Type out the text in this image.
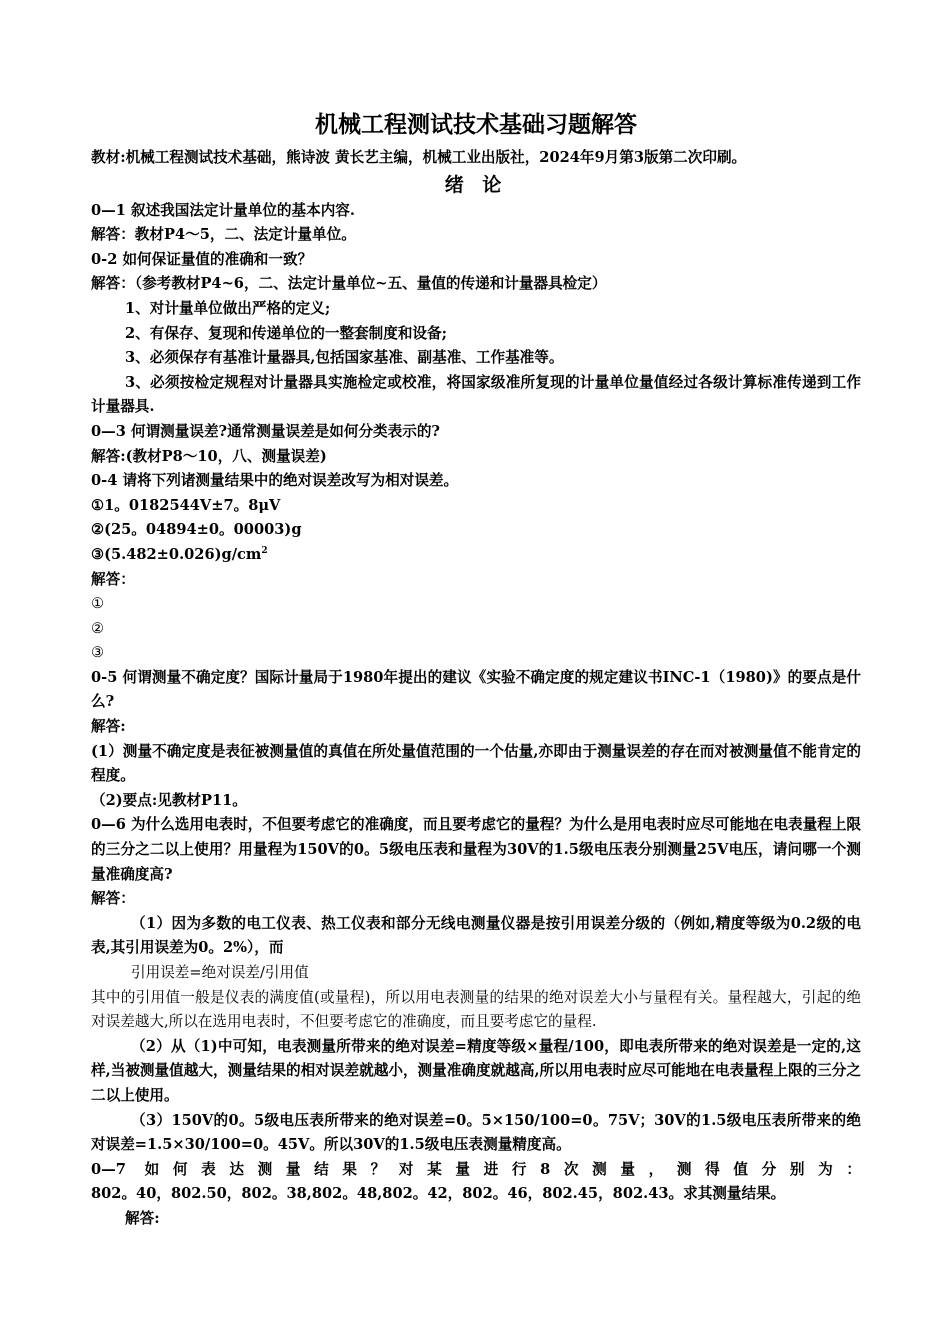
机械工程测试技术基础习题解答

教材:机械工程测试技术基础，熊诗波 黄长艺主编，机械工业出版社，2024年9月第3版第二次印刷。

绪 论

0—1 叙述我国法定计量单位的基本内容.

解答：教材P4～5，二、法定计量单位。

0-2 如何保证量值的准确和一致？

解答：（参考教材P4~6，二、法定计量单位~五、量值的传递和计量器具检定）

1、对计量单位做出严格的定义;

2、有保存、复现和传递单位的一整套制度和设备;

3、必须保存有基准计量器具,包括国家基准、副基准、工作基准等。

3、必须按检定规程对计量器具实施检定或校准，将国家级准所复现的计量单位量值经过各级计算标准传递到工作计量器具.

0—3 何谓测量误差?通常测量误差是如何分类表示的?

解答:(教材P8～10，八、测量误差)

0-4 请将下列诸测量结果中的绝对误差改写为相对误差。

①1。0182544V±7。8μV

②(25。04894±0。00003)g

$③(5.482\pm 0.026)g/cm^2$

解答：

①

②

③

0-5 何谓测量不确定度？国际计量局于1980年提出的建议《实验不确定度的规定建议书INC-1（1980)》的要点是什么?

解答:

(1）测量不确定度是表征被测量值的真值在所处量值范围的一个估量,亦即由于测量误差的存在而对被测量值不能肯定的程度。

（2)要点:见教材P11。

0—6 为什么选用电表时，不但要考虑它的准确度，而且要考虑它的量程？为什么是用电表时应尽可能地在电表量程上限的三分之二以上使用？用量程为150V的0。5级电压表和量程为30V的1.5级电压表分别测量25V电压，请问哪一个测量准确度高?

解答：

（1）因为多数的电工仪表、热工仪表和部分无线电测量仪器是按引用误差分级的（例如,精度等级为0.2级的电表,其引用误差为0。2%），而

引用误差=绝对误差/引用值

其中的引用值一般是仪表的满度值(或量程)，所以用电表测量的结果的绝对误差大小与量程有关。量程越大，引起的绝对误差越大,所以在选用电表时，不但要考虑它的准确度，而且要考虑它的量程.

（2）从（1)中可知，电表测量所带来的绝对误差=精度等级×量程/100，即电表所带来的绝对误差是一定的,这样,当被测量值越大，测量结果的相对误差就越小，测量准确度就越高,所以用电表时应尽可能地在电表量程上限的三分之二以上使用。

（3）150V的0。5级电压表所带来的绝对误差=0。5×150/100=0。75V；30V的1.5级电压表所带来的绝对误差=1.5×30/100=0。45V。所以30V的1.5级电压表测量精度高。

0—7 如何表达测量结果？对某量进行8次测量，测得值分别为：

802。40，802.50，802。38,802。48,802。42，802。46，802.45，802.43。求其测量结果。

解答:
